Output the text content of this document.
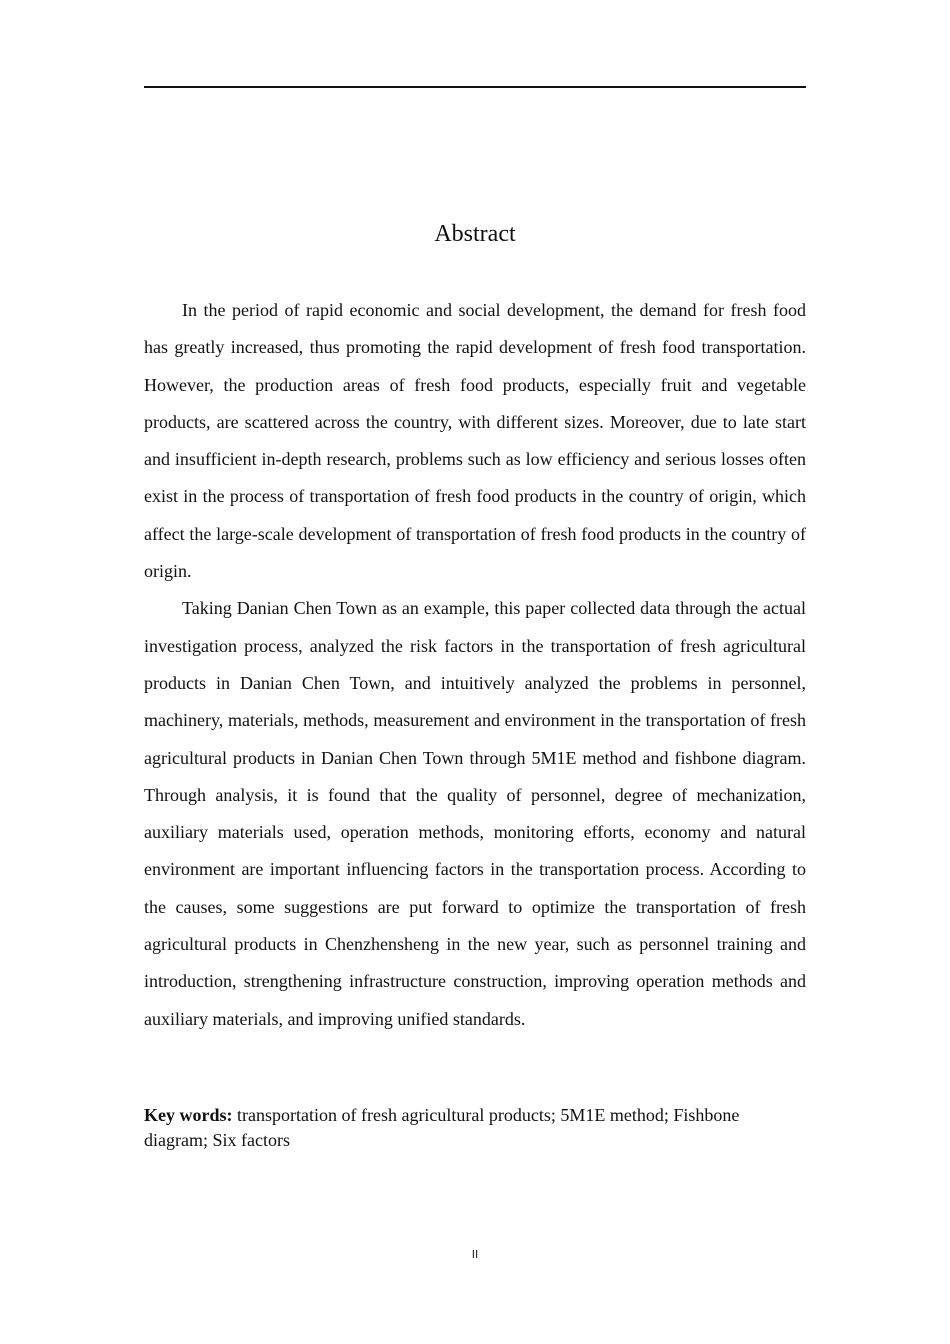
Abstract

In the period of rapid economic and social development, the demand for fresh food has greatly increased, thus promoting the rapid development of fresh food transportation. However, the production areas of fresh food products, especially fruit and vegetable products, are scattered across the country, with different sizes. Moreover, due to late start and insufficient in-depth research, problems such as low efficiency and serious losses often exist in the process of transportation of fresh food products in the country of origin, which affect the large-scale development of transportation of fresh food products in the country of origin.

Taking Danian Chen Town as an example, this paper collected data through the actual investigation process, analyzed the risk factors in the transportation of fresh agricultural products in Danian Chen Town, and intuitively analyzed the problems in personnel, machinery, materials, methods, measurement and environment in the transportation of fresh agricultural products in Danian Chen Town through 5M1E method and fishbone diagram. Through analysis, it is found that the quality of personnel, degree of mechanization, auxiliary materials used, operation methods, monitoring efforts, economy and natural environment are important influencing factors in the transportation process. According to the causes, some suggestions are put forward to optimize the transportation of fresh agricultural products in Chenzhensheng in the new year, such as personnel training and introduction, strengthening infrastructure construction, improving operation methods and auxiliary materials, and improving unified standards.

Key words: transportation of fresh agricultural products; 5M1E method; Fishbone diagram; Six factors

II
